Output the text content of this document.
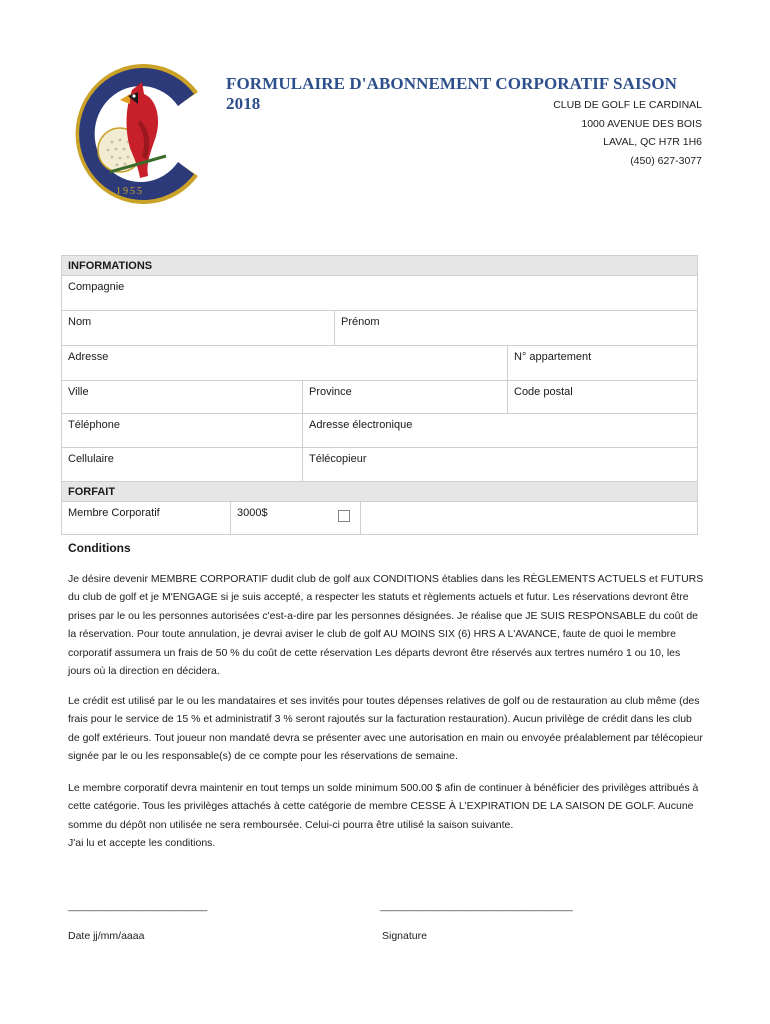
1955
FORMULAIRE D'ABONNEMENT CORPORATIF SAISON 2018	CLUB DE GOLF LE CARDINAL
1000 AVENUE DES BOIS
LAVAL, QC H7R 1H6
(450) 627-3077
INFORMATIONS
Compagnie
Nom	Prénom
Adresse	N° appartement
Ville	Province	Code postal
Téléphone	Adresse électronique
Cellulaire	Télécopieur
FORFAIT
Membre Corporatif	3000$
Conditions
Je désire devenir MEMBRE CORPORATIF dudit club de golf aux CONDITIONS établies dans les RÈGLEMENTS ACTUELS et FUTURS du club de golf et je M'ENGAGE si je suis accepté, a respecter les statuts et règlements actuels et futur. Les réservations devront être prises par le ou les personnes autorisées c'est-a-dire par les personnes désignées. Je réalise que JE SUIS RESPONSABLE du coût de la réservation. Pour toute annulation, je devrai aviser le club de golf AU MOINS SIX (6) HRS A L'AVANCE, faute de quoi le membre corporatif assumera un frais de 50 % du coût de cette réservation Les départs devront être réservés aux tertres numéro 1 ou 10, les jours où la direction en décidera.
Le crédit est utilisé par le ou les mandataires et ses invités pour toutes dépenses relatives de golf ou de restauration au club même (des frais pour le service de 15 % et administratif 3 % seront rajoutés sur la facturation restauration). Aucun privilège de crédit dans les club de golf extérieurs. Tout joueur non mandaté devra se présenter avec une autorisation en main ou envoyée préalablement par télécopieur signée par le ou les responsable(s) de ce compte pour les réservations de semaine.
Le membre corporatif devra maintenir en tout temps un solde minimum 500.00 $ afin de continuer à bénéficier des privilèges attribués à cette catégorie. Tous les privilèges attachés à cette catégorie de membre CESSE À L'EXPIRATION DE LA SAISON DE GOLF. Aucune somme du dépôt non utilisée ne sera remboursée. Celui-ci pourra être utilisé la saison suivante.
J'ai lu et accepte les conditions.
__________________________	____________________________________
Date jj/mm/aaaa	Signature
